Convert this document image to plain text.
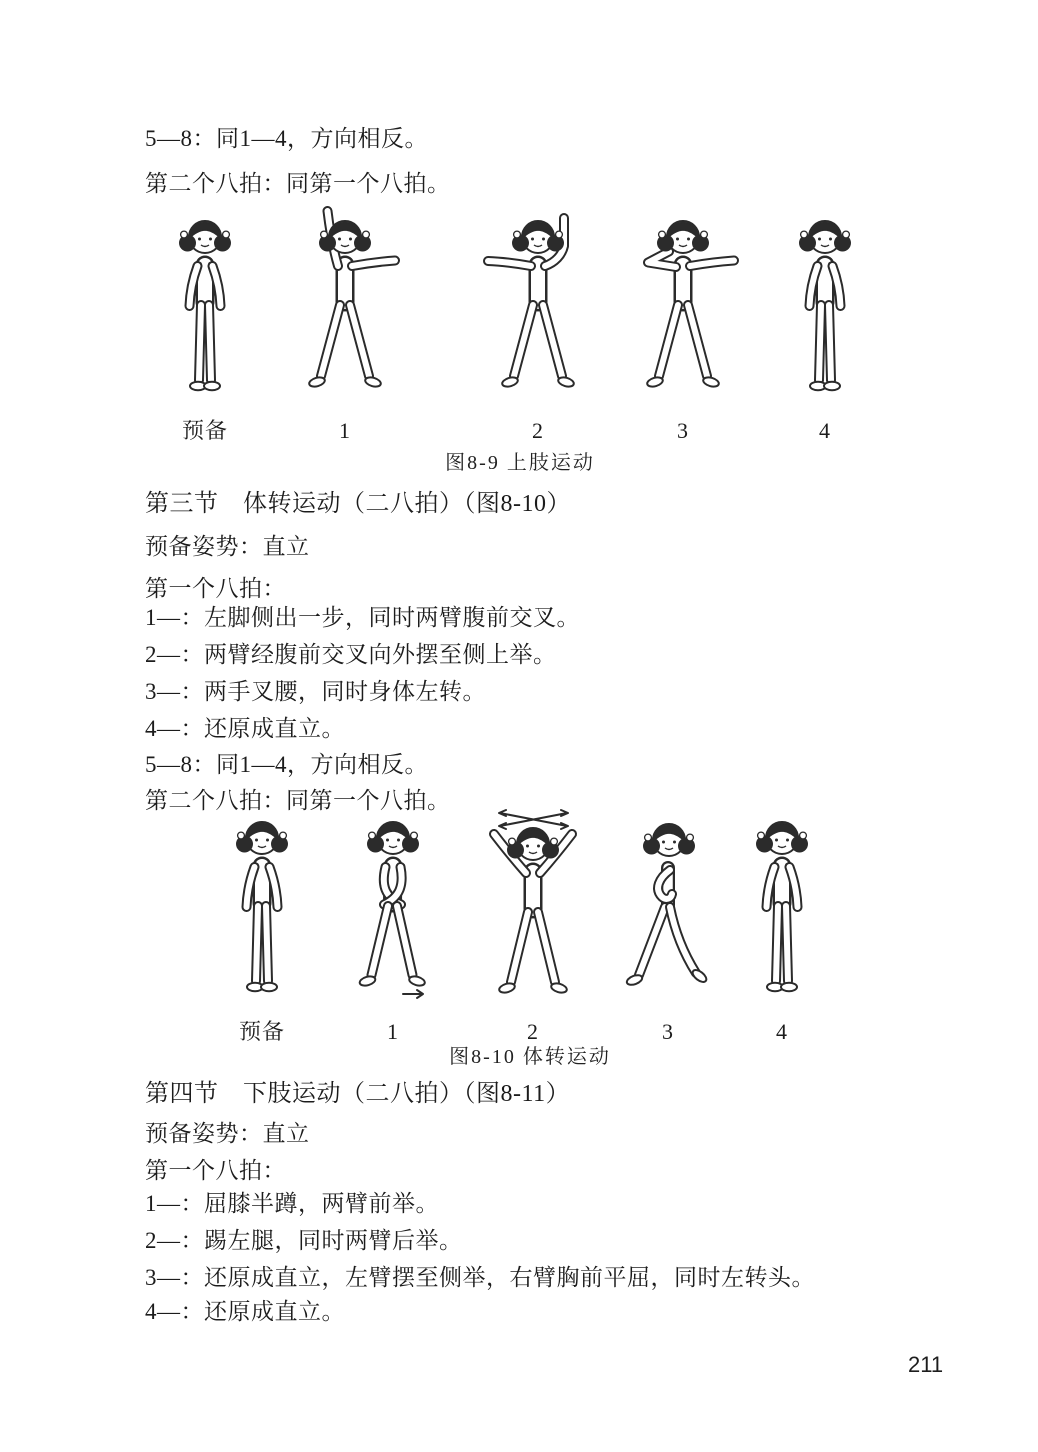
5—8：同1—4，方向相反。
第二个八拍：同第一个八拍。
预备	1	2	3	4
图8-9 上肢运动
第三节　体转运动（二八拍）（图8-10）
预备姿势：直立
第一个八拍：
1—：左脚侧出一步，同时两臂腹前交叉。
2—：两臂经腹前交叉向外摆至侧上举。
3—：两手叉腰，同时身体左转。
4—：还原成直立。
5—8：同1—4，方向相反。
第二个八拍：同第一个八拍。
预备	1	2	3	4
图8-10 体转运动
第四节　下肢运动（二八拍）（图8-11）
预备姿势：直立
第一个八拍：
1—：屈膝半蹲，两臂前举。
2—：踢左腿，同时两臂后举。
3—：还原成直立，左臂摆至侧举，右臂胸前平屈，同时左转头。
4—：还原成直立。
211
